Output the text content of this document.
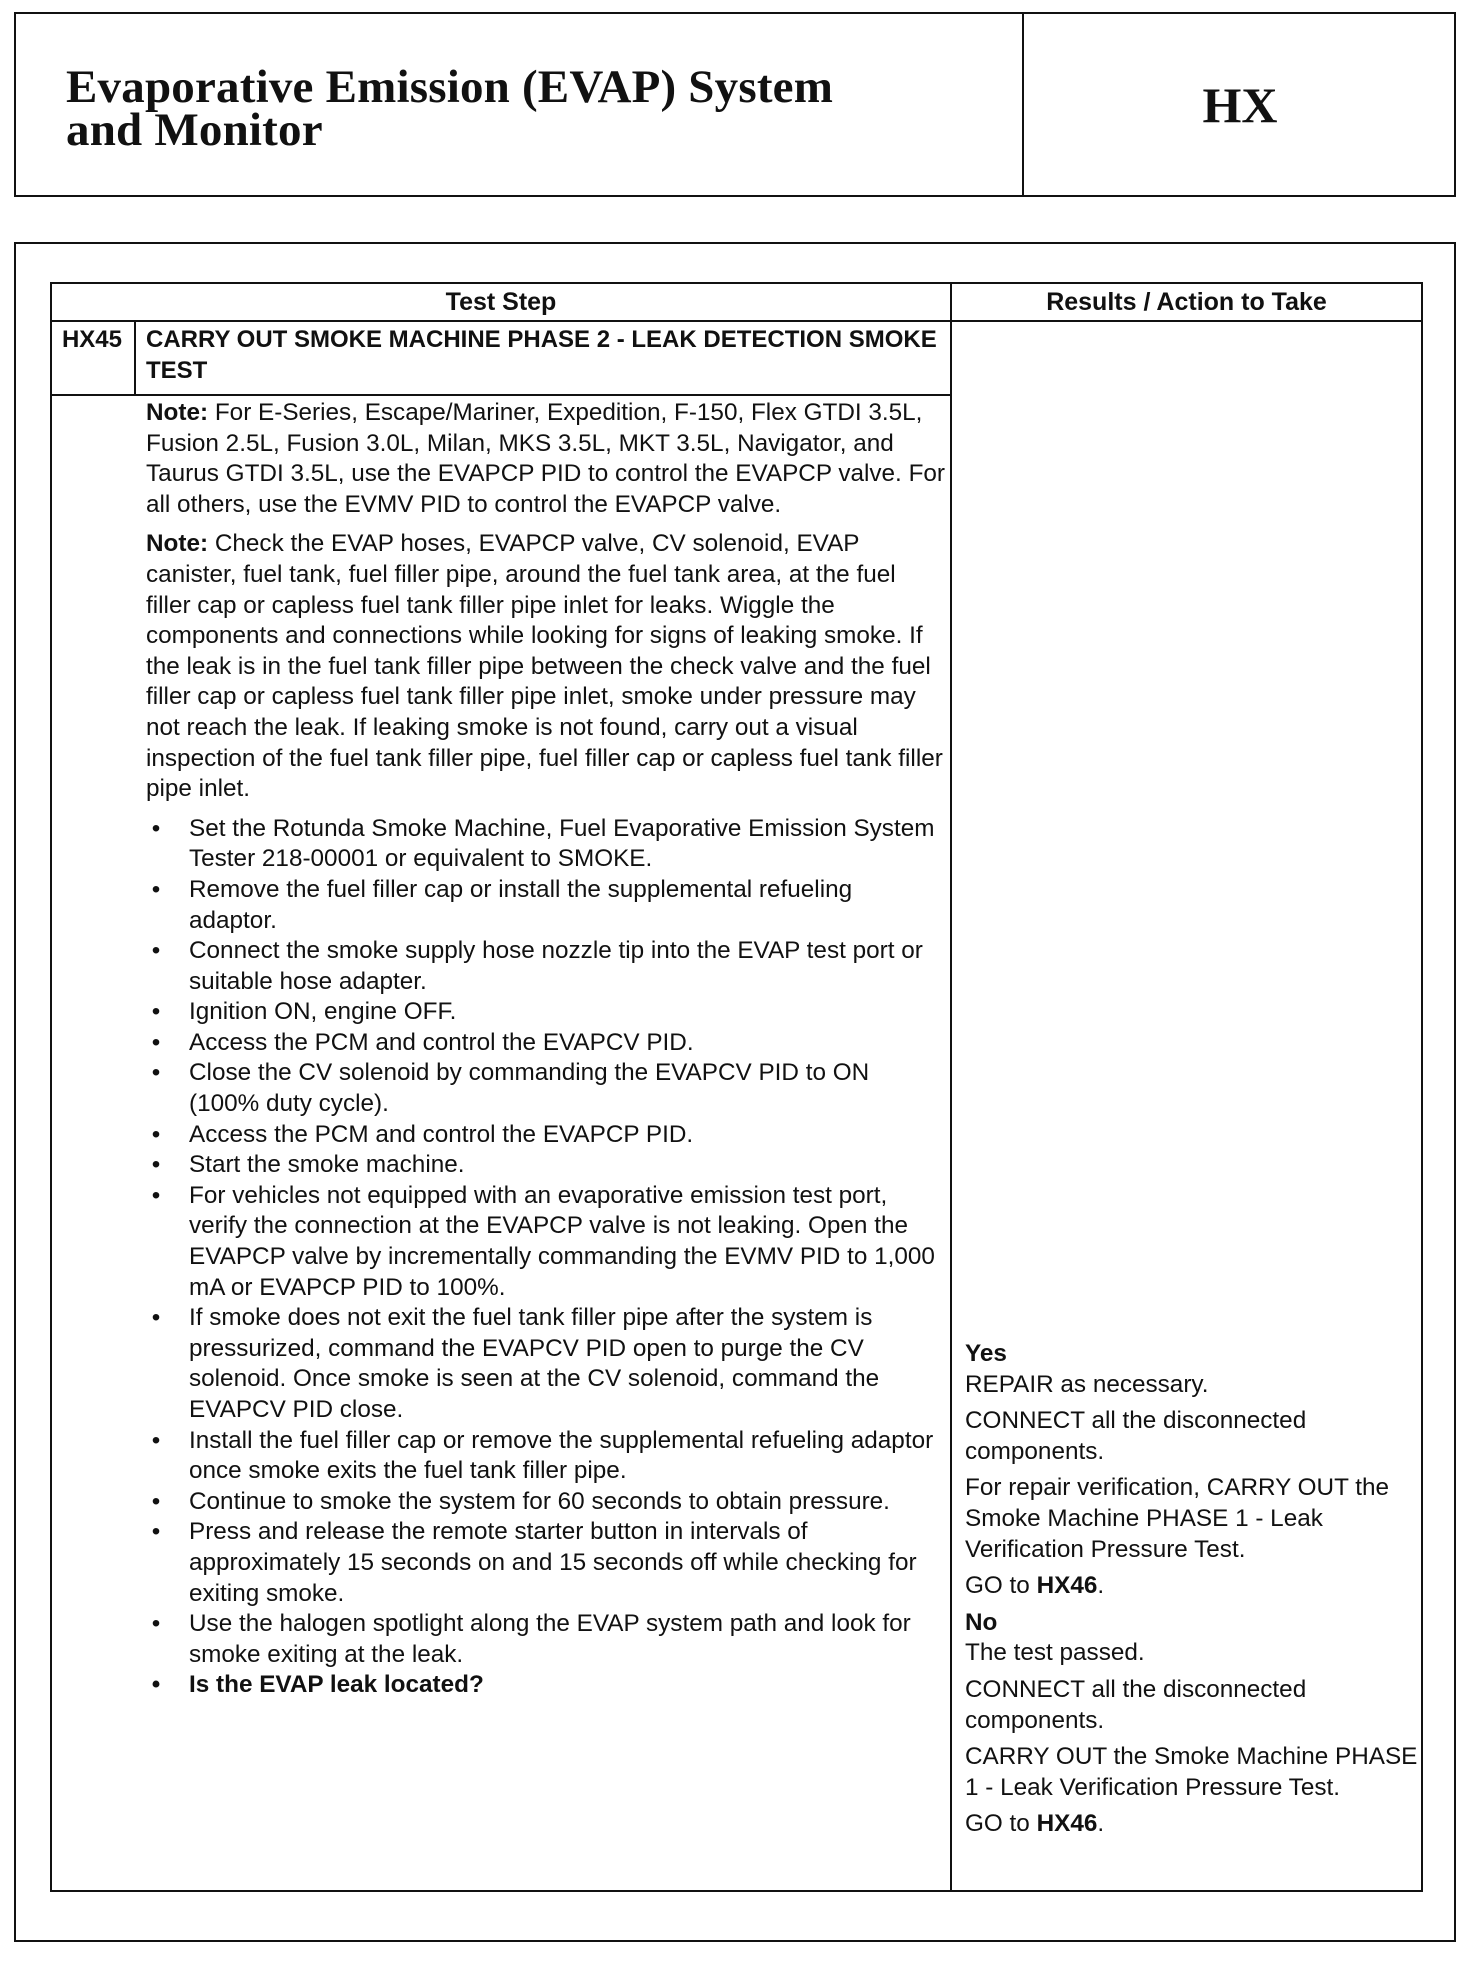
Evaporative Emission (EVAP) System
and Monitor	HX
Test Step	Results / Action to Take
HX45 CARRY OUT SMOKE MACHINE PHASE 2 - LEAK DETECTION SMOKE TEST

Note: For E-Series, Escape/Mariner, Expedition, F-150, Flex GTDI 3.5L, Fusion 2.5L, Fusion 3.0L, Milan, MKS 3.5L, MKT 3.5L, Navigator, and Taurus GTDI 3.5L, use the EVAPCP PID to control the EVAPCP valve. For all others, use the EVMV PID to control the EVAPCP valve.

Note: Check the EVAP hoses, EVAPCP valve, CV solenoid, EVAP canister, fuel tank, fuel filler pipe, around the fuel tank area, at the fuel filler cap or capless fuel tank filler pipe inlet for leaks. Wiggle the components and connections while looking for signs of leaking smoke. If the leak is in the fuel tank filler pipe between the check valve and the fuel filler cap or capless fuel tank filler pipe inlet, smoke under pressure may not reach the leak. If leaking smoke is not found, carry out a visual inspection of the fuel tank filler pipe, fuel filler cap or capless fuel tank filler pipe inlet.

• Set the Rotunda Smoke Machine, Fuel Evaporative Emission System Tester 218-00001 or equivalent to SMOKE.
• Remove the fuel filler cap or install the supplemental refueling adaptor.
• Connect the smoke supply hose nozzle tip into the EVAP test port or suitable hose adapter.
• Ignition ON, engine OFF.
• Access the PCM and control the EVAPCV PID.
• Close the CV solenoid by commanding the EVAPCV PID to ON (100% duty cycle).
• Access the PCM and control the EVAPCP PID.
• Start the smoke machine.
• For vehicles not equipped with an evaporative emission test port, verify the connection at the EVAPCP valve is not leaking. Open the EVAPCP valve by incrementally commanding the EVMV PID to 1,000 mA or EVAPCP PID to 100%.
• If smoke does not exit the fuel tank filler pipe after the system is pressurized, command the EVAPCV PID open to purge the CV solenoid. Once smoke is seen at the CV solenoid, command the EVAPCV PID close.
• Install the fuel filler cap or remove the supplemental refueling adaptor once smoke exits the fuel tank filler pipe.
• Continue to smoke the system for 60 seconds to obtain pressure.
• Press and release the remote starter button in intervals of approximately 15 seconds on and 15 seconds off while checking for exiting smoke.
• Use the halogen spotlight along the EVAP system path and look for smoke exiting at the leak.
• Is the EVAP leak located?
Yes
REPAIR as necessary.
CONNECT all the disconnected components.
For repair verification, CARRY OUT the Smoke Machine PHASE 1 - Leak Verification Pressure Test.
GO to HX46.
No
The test passed.
CONNECT all the disconnected components.
CARRY OUT the Smoke Machine PHASE 1 - Leak Verification Pressure Test.
GO to HX46.
